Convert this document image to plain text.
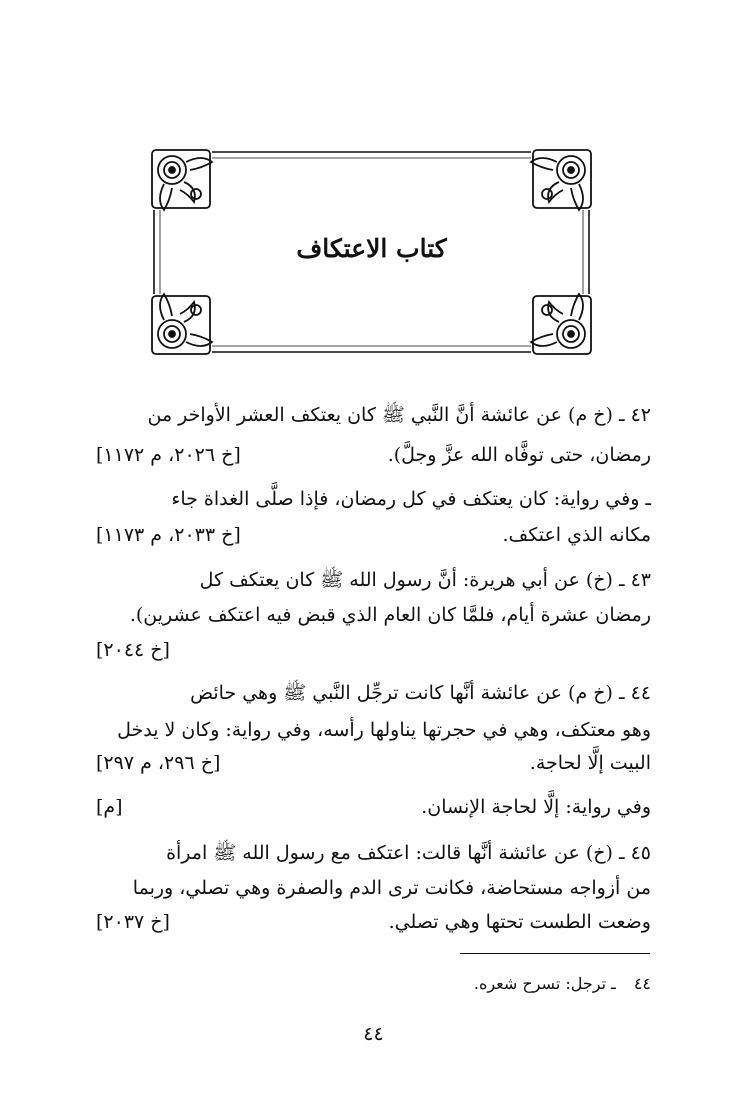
كتاب الاعتكاف
٤٢ ـ (خ م) عن عائشة أنَّ النَّبي ﷺ كان يعتكف العشر الأواخر من
رمضان، حتى توفَّاه الله عزَّ وجلَّ).
[خ ٢٠٢٦، م ١١٧٢]
ـ وفي رواية: كان يعتكف في كل رمضان، فإذا صلَّى الغداة جاء
مكانه الذي اعتكف.
[خ ٢٠٣٣، م ١١٧٣]
٤٣ ـ (خ) عن أبي هريرة: أنَّ رسول الله ﷺ كان يعتكف كل
رمضان عشرة أيام، فلمَّا كان العام الذي قبض فيه اعتكف عشرين).
[خ ٢٠٤٤]
٤٤ ـ (خ م) عن عائشة أنَّها كانت ترجِّل النَّبي ﷺ وهي حائض
وهو معتكف، وهي في حجرتها يناولها رأسه، وفي رواية: وكان لا يدخل
البيت إلَّا لحاجة.
[خ ٢٩٦، م ٢٩٧]
وفي رواية: إلَّا لحاجة الإنسان.
[م]
٤٥ ـ (خ) عن عائشة أنَّها قالت: اعتكف مع رسول الله ﷺ امرأة
من أزواجه مستحاضة، فكانت ترى الدم والصفرة وهي تصلي، وربما
وضعت الطست تحتها وهي تصلي.
[خ ٢٠٣٧]
٤٤ـ ترجل: تسرح شعره.
٤٤
